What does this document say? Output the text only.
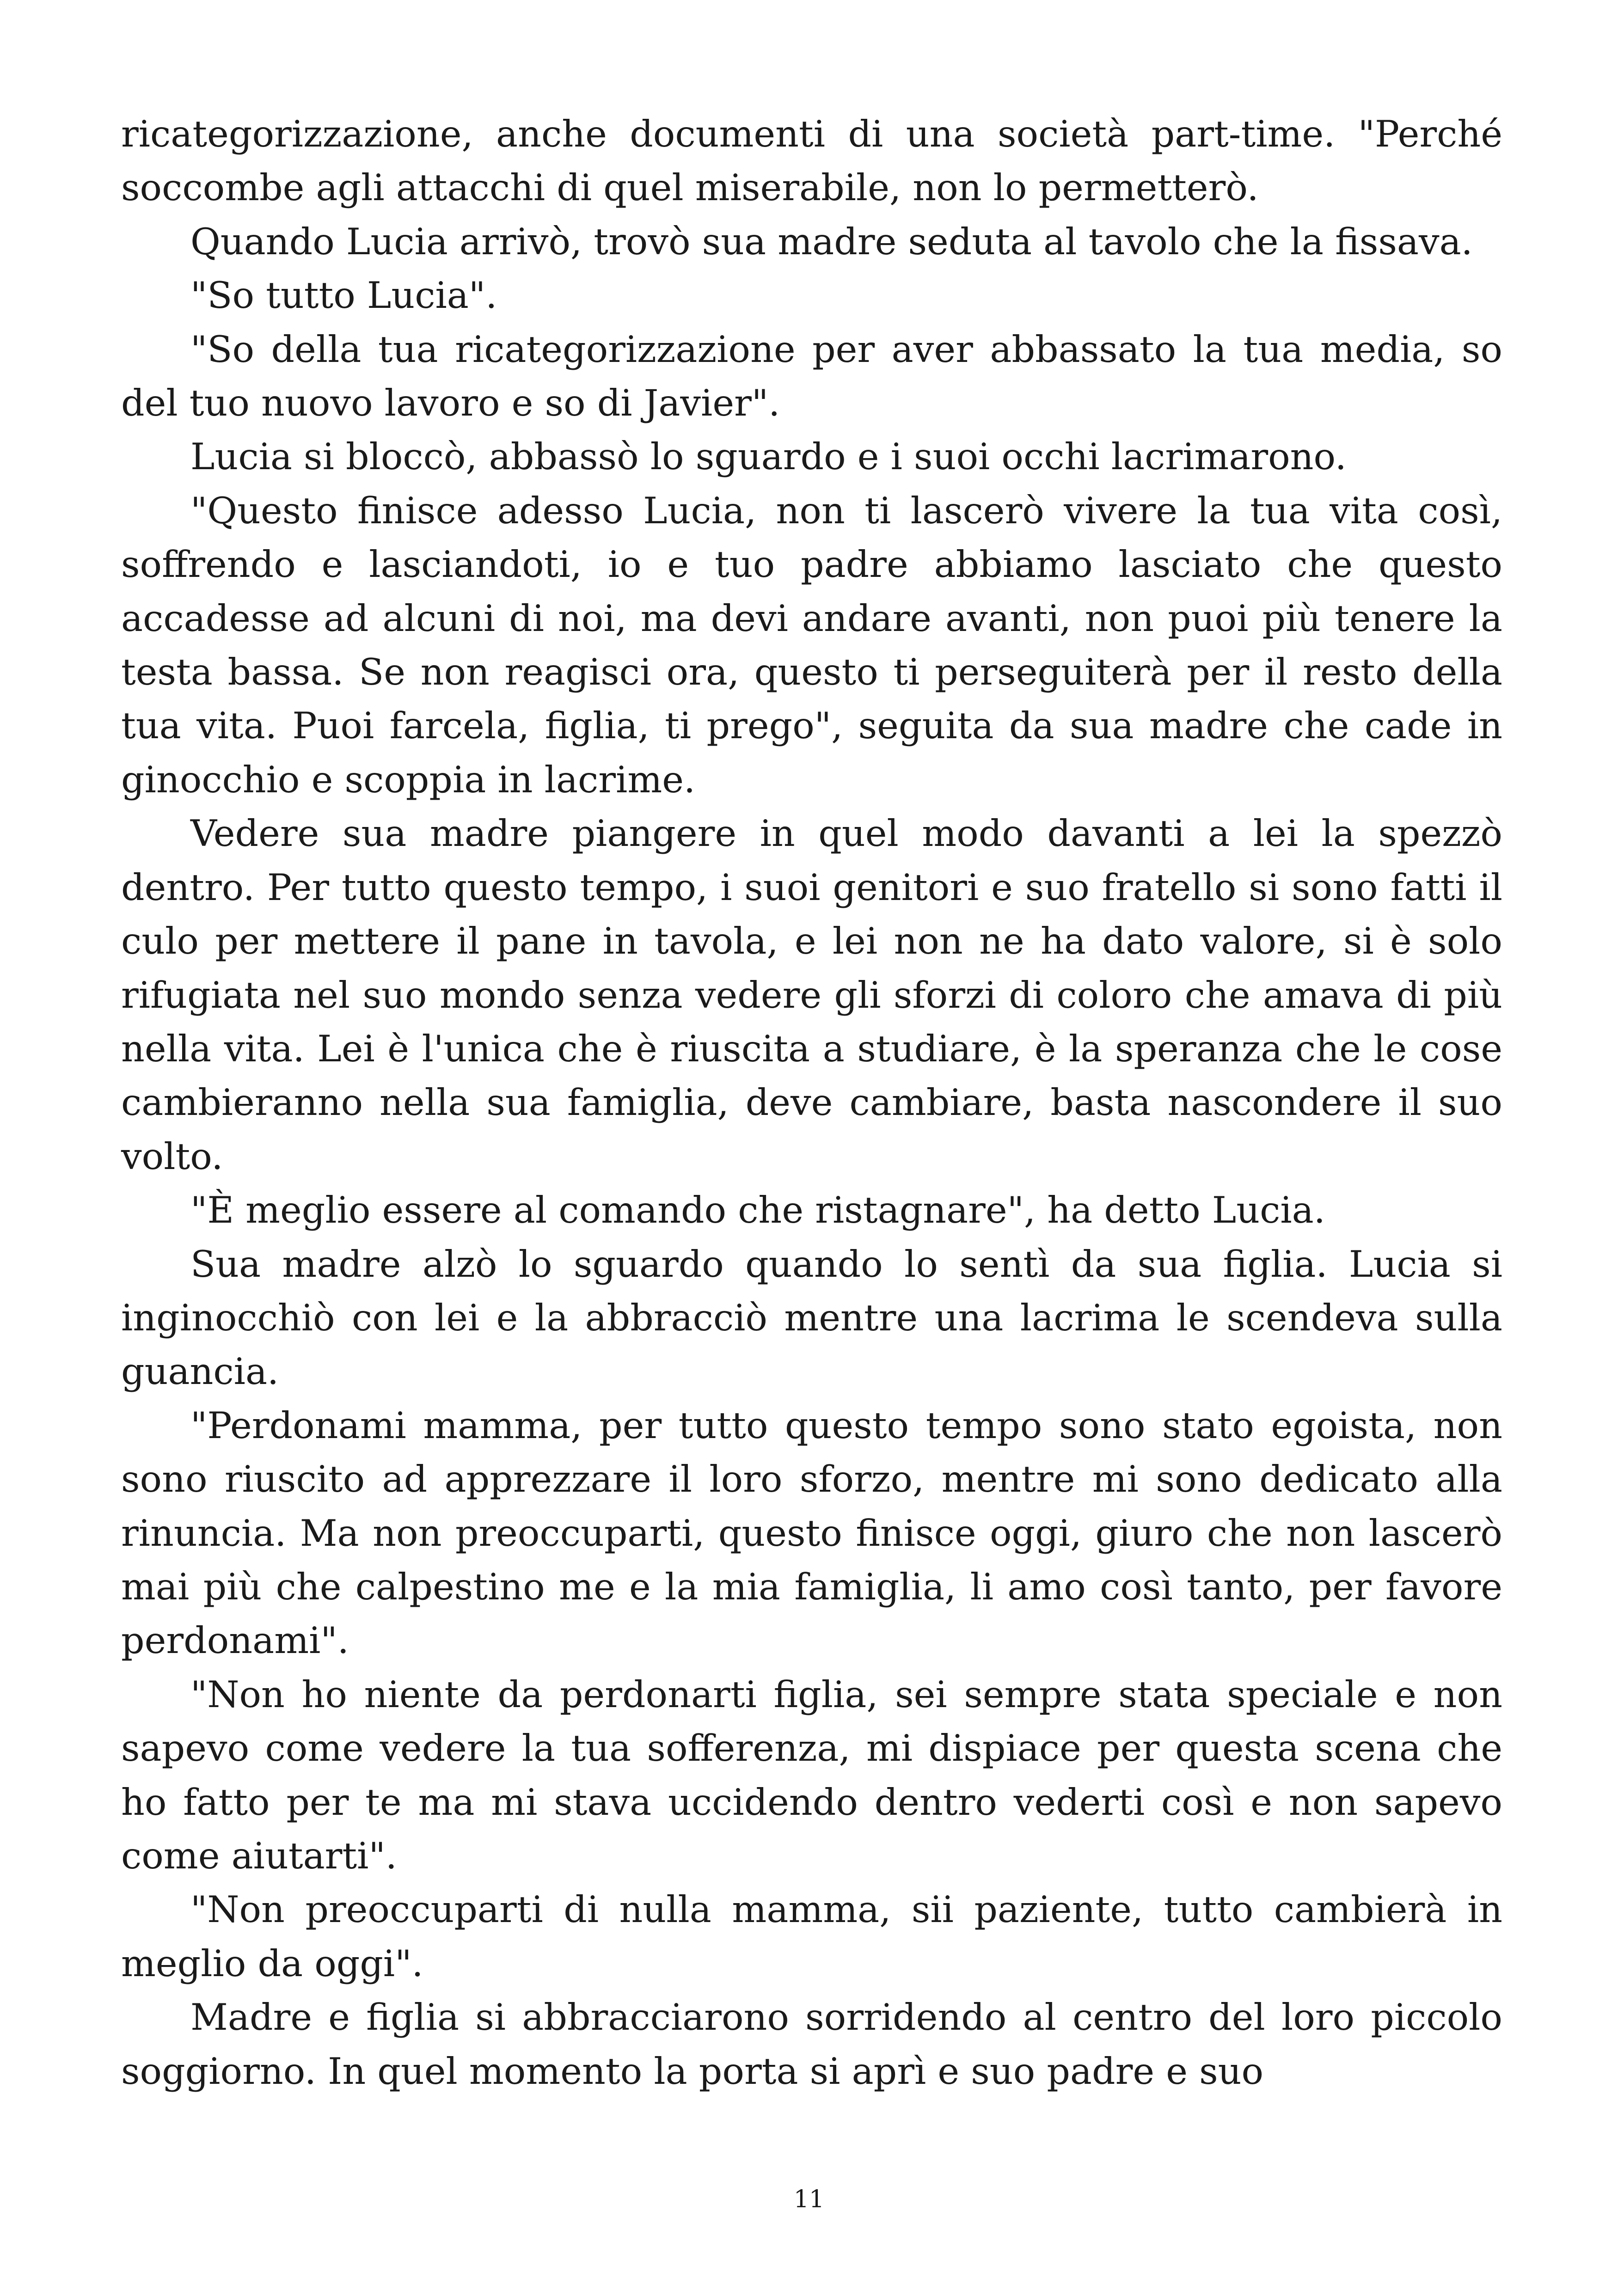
ricategorizzazione, anche documenti di una società part-time. "Perché soccombe agli attacchi di quel miserabile, non lo permetterò.

Quando Lucia arrivò, trovò sua madre seduta al tavolo che la fissava.

"So tutto Lucia".

"So della tua ricategorizzazione per aver abbassato la tua media, so del tuo nuovo lavoro e so di Javier".

Lucia si bloccò, abbassò lo sguardo e i suoi occhi lacrimarono.

"Questo finisce adesso Lucia, non ti lascerò vivere la tua vita così, soffrendo e lasciandoti, io e tuo padre abbiamo lasciato che questo accadesse ad alcuni di noi, ma devi andare avanti, non puoi più tenere la testa bassa. Se non reagisci ora, questo ti perseguiterà per il resto della tua vita. Puoi farcela, figlia, ti prego", seguita da sua madre che cade in ginocchio e scoppia in lacrime.

Vedere sua madre piangere in quel modo davanti a lei la spezzò dentro. Per tutto questo tempo, i suoi genitori e suo fratello si sono fatti il culo per mettere il pane in tavola, e lei non ne ha dato valore, si è solo rifugiata nel suo mondo senza vedere gli sforzi di coloro che amava di più nella vita. Lei è l'unica che è riuscita a studiare, è la speranza che le cose cambieranno nella sua famiglia, deve cambiare, basta nascondere il suo volto.

"È meglio essere al comando che ristagnare", ha detto Lucia.

Sua madre alzò lo sguardo quando lo sentì da sua figlia. Lucia si inginocchiò con lei e la abbracciò mentre una lacrima le scendeva sulla guancia.

"Perdonami mamma, per tutto questo tempo sono stato egoista, non sono riuscito ad apprezzare il loro sforzo, mentre mi sono dedicato alla rinuncia. Ma non preoccuparti, questo finisce oggi, giuro che non lascerò mai più che calpestino me e la mia famiglia, li amo così tanto, per favore perdonami".

"Non ho niente da perdonarti figlia, sei sempre stata speciale e non sapevo come vedere la tua sofferenza, mi dispiace per questa scena che ho fatto per te ma mi stava uccidendo dentro vederti così e non sapevo come aiutarti".

"Non preoccuparti di nulla mamma, sii paziente, tutto cambierà in meglio da oggi".

Madre e figlia si abbracciarono sorridendo al centro del loro piccolo soggiorno. In quel momento la porta si aprì e suo padre e suo

11
